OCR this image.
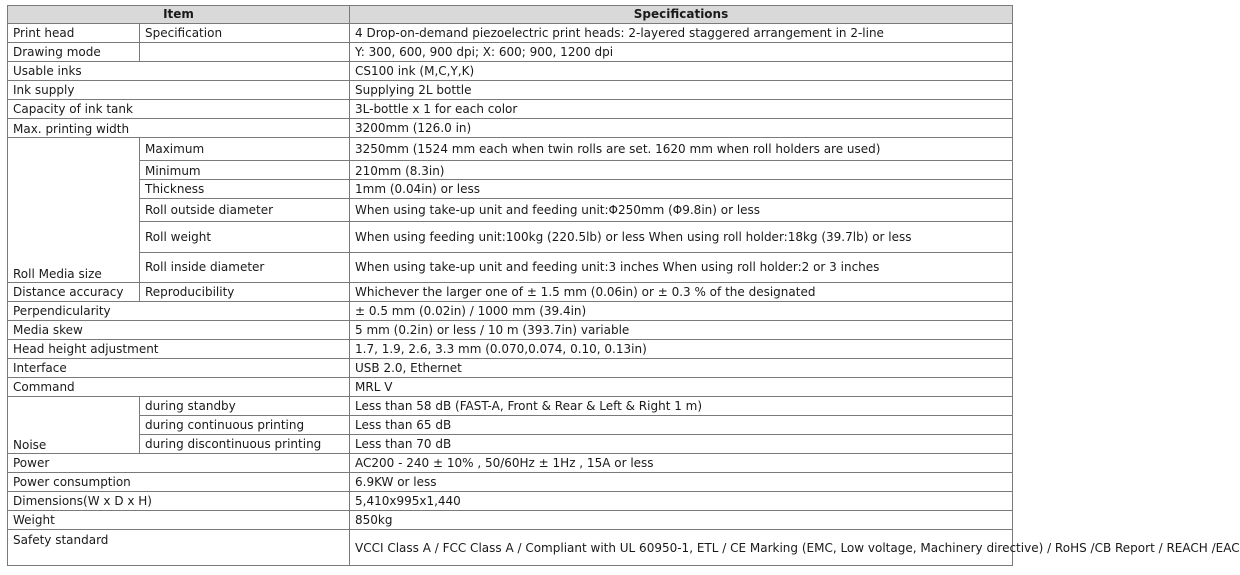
Item		Specifications
Print head	Specification	4 Drop-on-demand piezoelectric print heads: 2-layered staggered arrangement in 2-line
Drawing mode		Y: 300, 600, 900 dpi; X: 600; 900, 1200 dpi
Usable inks		CS100 ink (M,C,Y,K)
Ink supply		Supplying 2L bottle
Capacity of ink tank		3L-bottle x 1 for each color
Max. printing width		3200mm (126.0 in)
Roll Media size	Maximum	3250mm (1524 mm each when twin rolls are set. 1620 mm when roll holders are used)
	Minimum	210mm (8.3in)
	Thickness	1mm (0.04in) or less
	Roll outside diameter	When using take-up unit and feeding unit:Φ250mm (Φ9.8in) or less
	Roll weight	When using feeding unit:100kg (220.5lb) or less When using roll holder:18kg (39.7lb) or less
	Roll inside diameter	When using take-up unit and feeding unit:3 inches When using roll holder:2 or 3 inches
Distance accuracy	Reproducibility	Whichever the larger one of ± 1.5 mm (0.06in) or ± 0.3 % of the designated
Perpendicularity		± 0.5 mm (0.02in) / 1000 mm (39.4in)
Media skew		5 mm (0.2in) or less / 10 m (393.7in) variable
Head height adjustment		1.7, 1.9, 2.6, 3.3 mm (0.070,0.074, 0.10, 0.13in)
Interface		USB 2.0, Ethernet
Command		MRL V
Noise	during standby	Less than 58 dB (FAST-A, Front & Rear & Left & Right 1 m)
	during continuous printing	Less than 65 dB
	during discontinuous printing	Less than 70 dB
Power		AC200 - 240 ± 10% , 50/60Hz ± 1Hz , 15A or less
Power consumption		6.9KW or less
Dimensions(W x D x H)		5,410x995x1,440
Weight		850kg
Safety standard		VCCI Class A / FCC Class A / Compliant with UL 60950-1, ETL / CE Marking (EMC, Low voltage, Machinery directive) / RoHS /CB Report / REACH /EAC
